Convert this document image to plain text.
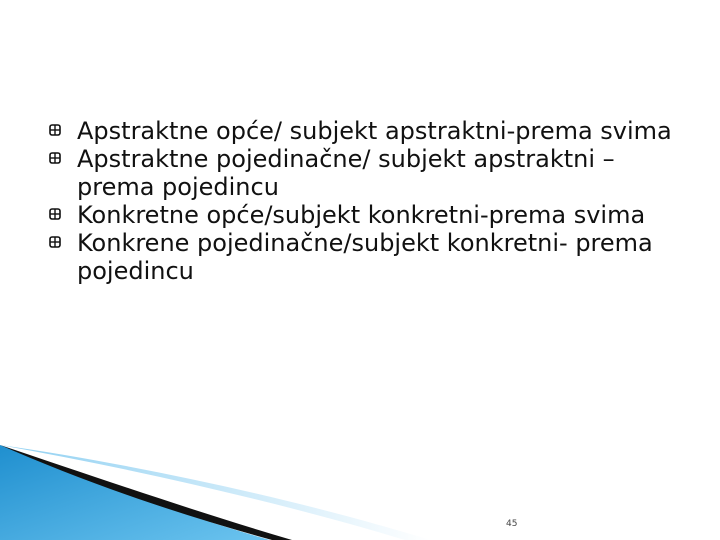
Apstraktne opće/ subjekt apstraktni-prema svima
Apstraktne pojedinačne/ subjekt apstraktni – prema pojedincu
Konkretne opće/subjekt konkretni-prema svima
Konkrene pojedinačne/subjekt konkretni- prema pojedincu
45
